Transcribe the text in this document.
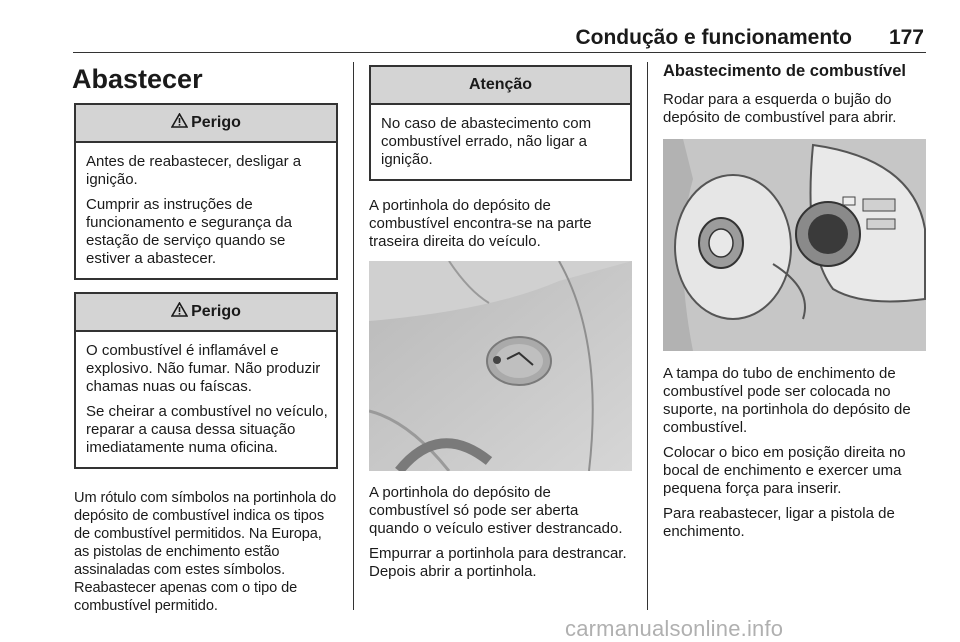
Condução e funcionamento 177
Abastecer
Perigo

Antes de reabastecer, desligar a ignição.

Cumprir as instruções de funcionamento e segurança da estação de serviço quando se estiver a abastecer.

Perigo

O combustível é inflamável e explosivo. Não fumar. Não produzir chamas nuas ou faíscas.

Se cheirar a combustível no veículo, reparar a causa dessa situação imediatamente numa oficina.

Um rótulo com símbolos na portinhola do depósito de combustível indica os tipos de combustível permitidos. Na Europa, as pistolas de enchimento estão assinaladas com estes símbolos. Reabastecer apenas com o tipo de combustível permitido.

Atenção

No caso de abastecimento com combustível errado, não ligar a ignição.

A portinhola do depósito de combustível encontra-se na parte traseira direita do veículo.

A portinhola do depósito de combustível só pode ser aberta quando o veículo estiver destrancado.

Empurrar a portinhola para destrancar. Depois abrir a portinhola.

Abastecimento de combustível

Rodar para a esquerda o bujão do depósito de combustível para abrir.

A tampa do tubo de enchimento de combustível pode ser colocada no suporte, na portinhola do depósito de combustível.

Colocar o bico em posição direita no bocal de enchimento e exercer uma pequena força para inserir.

Para reabastecer, ligar a pistola de enchimento.

carmanualsonline.info
